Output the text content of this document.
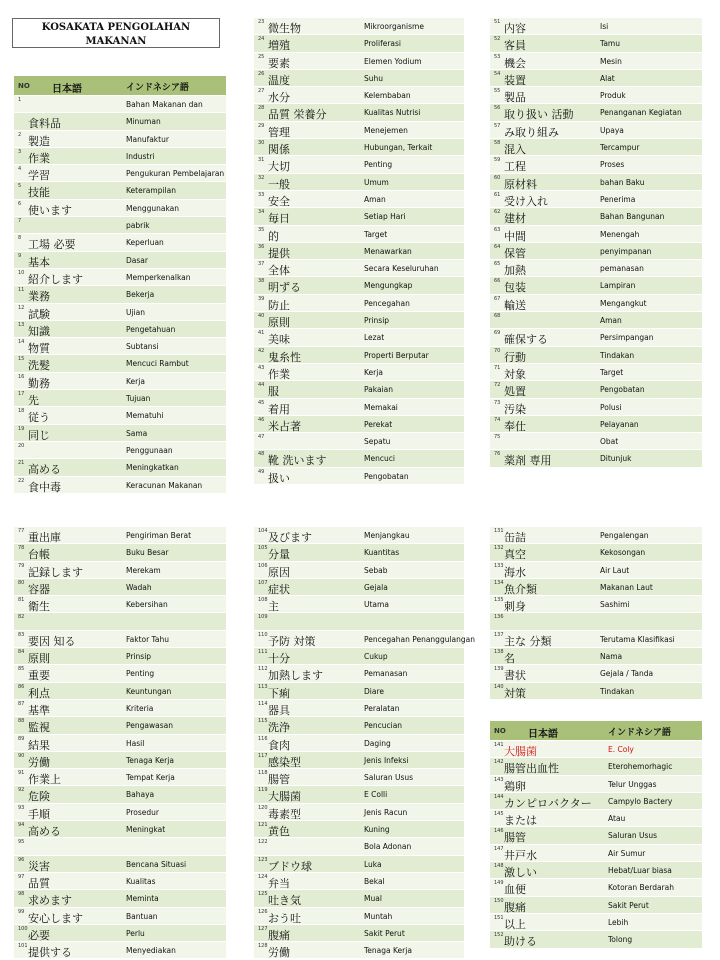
KOSAKATA PENGOLAHAN
MAKANAN
NO 日本語	インドネシア語
1	Bahan Makanan dan
食料品	Minuman
2 製造	Manufaktur
3 作業	Industri
4 学習	Pengukuran Pembelajaran
5 技能	Keterampilan
6 使います	Menggunakan
7	pabrik
8 工場 必要	Keperluan
9 基本	Dasar
10 紹介します	Memperkenalkan
11 業務	Bekerja
12 試験	Ujian
13 知識	Pengetahuan
14 物質	Subtansi
15 洗髪	Mencuci Rambut
16 勤務	Kerja
17 先	Tujuan
18 従う	Mematuhi
19 同じ	Sama
20	Penggunaan
21 高める	Meningkatkan
22 食中毒	Keracunan Makanan
23 微生物	Mikroorganisme
24 増殖	Proliferasi
25 要素	Elemen Yodium
26 温度	Suhu
27 水分	Kelembaban
28 品質 栄養分	Kualitas Nutrisi
29 管理	Menejemen
30 関係	Hubungan, Terkait
31 大切	Penting
32 一般	Umum
33 安全	Aman
34 毎日	Setiap Hari
35 的	Target
36 提供	Menawarkan
37 全体	Secara Keseluruhan
38 明ずる	Mengungkap
39 防止	Pencegahan
40 原則	Prinsip
41 美味	Lezat
42 鬼糸性	Properti Berputar
43 作業	Kerja
44 服	Pakaian
45 着用	Memakai
46 米占著	Perekat
47	Sepatu
48 靴 洗います	Mencuci
49 扱い	Pengobatan
51 内容	Isi
52 客員	Tamu
53 機会	Mesin
54 装置	Alat
55 製品	Produk
56 取り扱い 活動	Penanganan Kegiatan
57 み取り組み	Upaya
58 混入	Tercampur
59 工程	Proses
60 原材料	bahan Baku
61 受け入れ	Penerima
62 建材	Bahan Bangunan
63 中間	Menengah
64 保管	penyimpanan
65 加熱	pemanasan
66 包装	Lampiran
67 輸送	Mengangkut
68	Aman
69 確保する	Persimpangan
70 行動	Tindakan
71 対象	Target
72 処置	Pengobatan
73 汚染	Polusi
74 奉仕	Pelayanan
75	Obat
76 薬剤 専用	Ditunjuk
77 重出庫	Pengiriman Berat
78 台帳	Buku Besar
79 記録します	Merekam
80 容器	Wadah
81 衛生	Kebersihan
82
83 要因 知る	Faktor Tahu
84 原則	Prinsip
85 重要	Penting
86 利点	Keuntungan
87 基準	Kriteria
88 監視	Pengawasan
89 結果	Hasil
90 労働	Tenaga Kerja
91 作業上	Tempat Kerja
92 危険	Bahaya
93 手順	Prosedur
94 高める	Meningkat
95
96 災害	Bencana Situasi
97 品質	Kualitas
98 求めます	Meminta
99 安心します	Bantuan
100 必要	Perlu
101 提供する	Menyediakan
104 及びます	Menjangkau
105 分量	Kuantitas
106 原因	Sebab
107 症状	Gejala
108 主	Utama
109
110 予防 対策	Pencegahan Penanggulangan
111 十分	Cukup
112 加熱します	Pemanasan
113 下痢	Diare
114 器具	Peralatan
115 洗浄	Pencucian
116 食肉	Daging
117 感染型	Jenis Infeksi
118 腸管	Saluran Usus
119 大腸菌	E Colli
120 毒素型	Jenis Racun
121 黄色	Kuning
122	Bola Adonan
123 ブドウ球	Luka
124 弁当	Bekal
125 吐き気	Mual
126 おう吐	Muntah
127 腹痛	Sakit Perut
128 労働	Tenaga Kerja
131 缶詰	Pengalengan
132 真空	Kekosongan
133 海水	Air Laut
134 魚介類	Makanan Laut
135 刺身	Sashimi
136
137 主な 分類	Terutama Klasifikasi
138 名	Nama
139 書状	Gejala / Tanda
140 対策	Tindakan
NO 日本語	インドネシア語
141 大腸菌	E. Coly
142 腸管出血性	Eterohemorhagic
143 鶏卵	Telur Unggas
144 カンピロバクター Campylo Bactery
145 または	Atau
146 腸管	Saluran Usus
147 井戸水	Air Sumur
148 激しい	Hebat/Luar biasa
149 血便	Kotoran Berdarah
150 腹痛	Sakit Perut
151 以上	Lebih
152 助ける	Tolong
